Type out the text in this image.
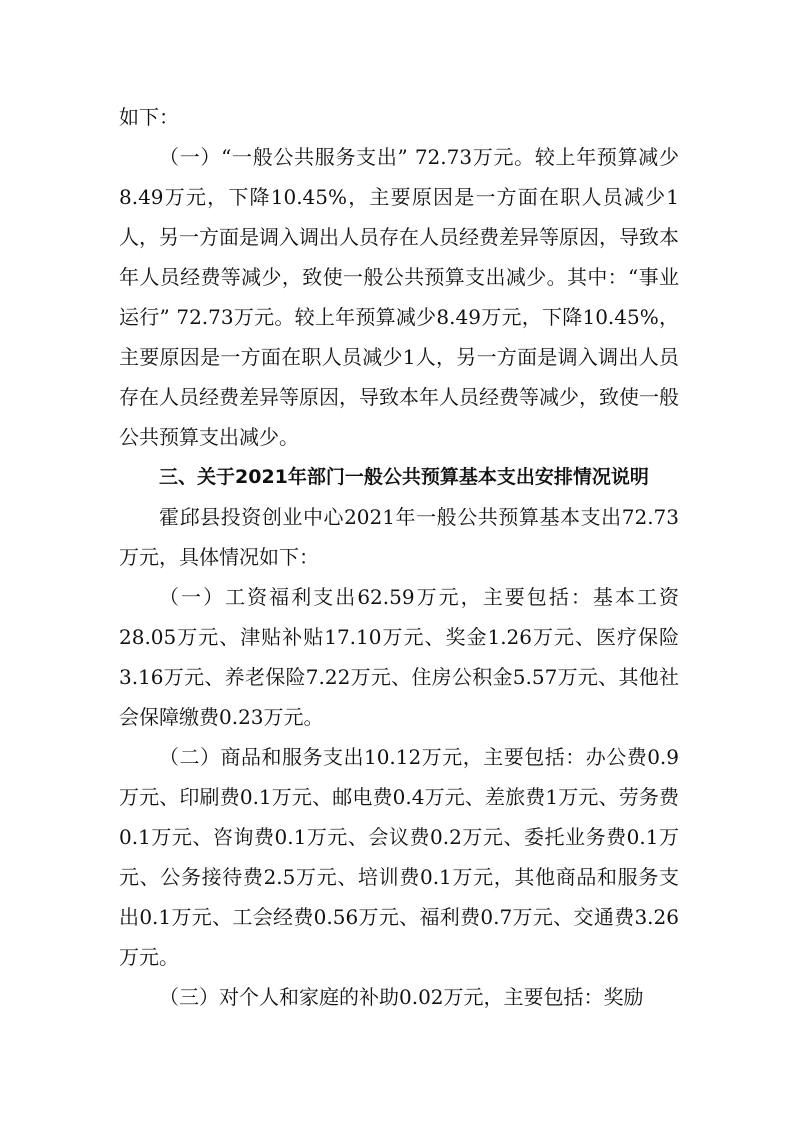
如下：

（一）“一般公共服务支出” 72.73万元。较上年预算减少8.49万元，下降10.45%，主要原因是一方面在职人员减少1人，另一方面是调入调出人员存在人员经费差异等原因，导致本年人员经费等减少，致使一般公共预算支出减少。其中：“事业运行” 72.73万元。较上年预算减少8.49万元，下降10.45%，主要原因是一方面在职人员减少1人，另一方面是调入调出人员存在人员经费差异等原因，导致本年人员经费等减少，致使一般公共预算支出减少。

三、关于2021年部门一般公共预算基本支出安排情况说明

霍邱县投资创业中心2021年一般公共预算基本支出72.73万元，具体情况如下：

（一）工资福利支出62.59万元，主要包括：基本工资28.05万元、津贴补贴17.10万元、奖金1.26万元、医疗保险3.16万元、养老保险7.22万元、住房公积金5.57万元、其他社会保障缴费0.23万元。

（二）商品和服务支出10.12万元，主要包括：办公费0.9万元、印刷费0.1万元、邮电费0.4万元、差旅费1万元、劳务费0.1万元、咨询费0.1万元、会议费0.2万元、委托业务费0.1万元、公务接待费2.5万元、培训费0.1万元，其他商品和服务支出0.1万元、工会经费0.56万元、福利费0.7万元、交通费3.26万元。

（三）对个人和家庭的补助0.02万元，主要包括：奖励
